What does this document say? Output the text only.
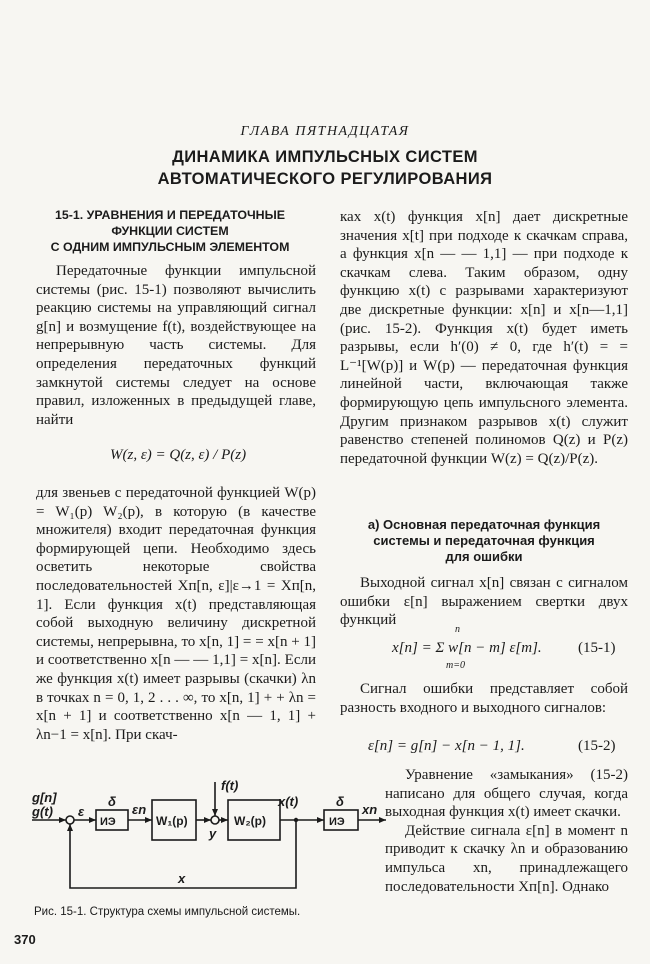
ГЛАВА ПЯТНАДЦАТАЯ
ДИНАМИКА ИМПУЛЬСНЫХ СИСТЕМ
АВТОМАТИЧЕСКОГО РЕГУЛИРОВАНИЯ
15-1. УРАВНЕНИЯ И ПЕРЕДАТОЧНЫЕ
ФУНКЦИИ СИСТЕМ
С ОДНИМ ИМПУЛЬСНЫМ ЭЛЕМЕНТОМ

Передаточные функции импульсной системы (рис. 15-1) позволяют вычислить реакцию системы на управляющий сигнал g[n] и возмущение f(t), воздействующее на непрерывную часть системы. Для определения передаточных функций замкнутой системы следует на основе правил, изложенных в предыдущей главе, найти

W(z, ε) = Q(z, ε) / P(z)

для звеньев с передаточной функцией W(p) = W₁(p) W₂(p), в которую (в качестве множителя) входит передаточная функция формирующей цепи. Необходимо здесь осветить некоторые свойства последовательностей Xп[n, ε]|ε→1 = Xп[n, 1]. Если функция x(t) представляющая собой выходную величину дискретной системы, непрерывна, то x[n, 1] = = x[n + 1] и соответственно x[n — — 1,1] = x[n]. Если же функция x(t) имеет разрывы (скачки) λn в точках n = 0, 1, 2 . . . ∞, то x[n, 1] + + λn = x[n + 1] и соответственно x[n — 1, 1] + λn−1 = x[n]. При скач-

ках x(t) функция x[n] дает дискретные значения x[t] при подходе к скачкам справа, а функция x[n — — 1,1] — при подходе к скачкам слева. Таким образом, одну функцию x(t) с разрывами характеризуют две дискретные функции: x[n] и x[n—1,1] (рис. 15-2). Функция x(t) будет иметь разрывы, если h′(0) ≠ 0, где h′(t) = = L⁻¹[W(p)] и W(p) — передаточная функция линейной части, включающая также формирующую цепь импульсного элемента. Другим признаком разрывов x(t) служит равенство степеней полиномов Q(z) и P(z) передаточной функции W(z) = Q(z)/P(z).

а) Основная передаточная функция
системы и передаточная функция
для ошибки

Выходной сигнал x[n] связан с сигналом ошибки ε[n] выражением свертки двух функций

x[n] = Σ w[n − m] ε[m].
n
m=0
(15-1)

Сигнал ошибки представляет собой разность входного и выходного сигналов:

ε[n] = g[n] − x[n − 1, 1].	(15-2)

Уравнение «замыкания» (15-2) написано для общего случая, когда выходная функция x(t) имеет скачки.

Действие сигнала ε[n] в момент n приводит к скачку λn и образованию импульса xn, принадлежащего последовательности Xп[n]. Однако

g[n]
g(t) ε
δ
ИЭ
εn
W₁(p)
f(t)
y
W₂(p)
x(t)	δ
ИЭ
xn
x
Рис. 15-1. Структура схемы импульсной системы.
370
